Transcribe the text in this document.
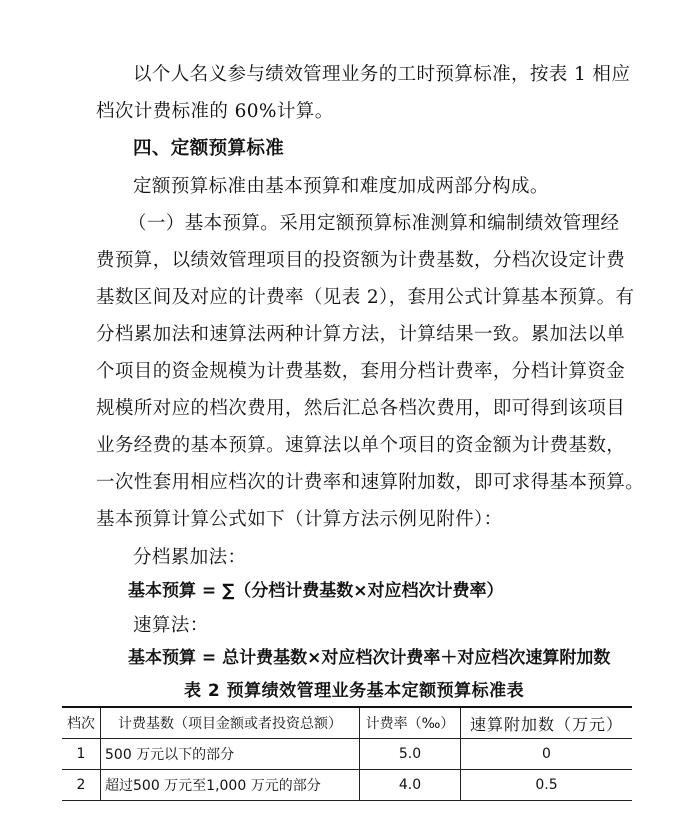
以个人名义参与绩效管理业务的工时预算标准，按表 1 相应
档次计费标准的 60%计算。
四、定额预算标准
定额预算标准由基本预算和难度加成两部分构成。
（一）基本预算。采用定额预算标准测算和编制绩效管理经
费预算，以绩效管理项目的投资额为计费基数，分档次设定计费
基数区间及对应的计费率（见表 2），套用公式计算基本预算。有
分档累加法和速算法两种计算方法，计算结果一致。累加法以单
个项目的资金规模为计费基数，套用分档计费率，分档计算资金
规模所对应的档次费用，然后汇总各档次费用，即可得到该项目
业务经费的基本预算。速算法以单个项目的资金额为计费基数，
一次性套用相应档次的计费率和速算附加数，即可求得基本预算。
基本预算计算公式如下（计算方法示例见附件）：
分档累加法：
基本预算 = ∑（分档计费基数×对应档次计费率）
速算法：
基本预算 = 总计费基数×对应档次计费率＋对应档次速算附加数
表 2 预算绩效管理业务基本定额预算标准表
档次	计费基数（项目金额或者投资总额）	计费率（‰）	速算附加数（万元）
1	500 万元以下的部分	5.0	0
2	超过500 万元至1,000 万元的部分	4.0	0.5
